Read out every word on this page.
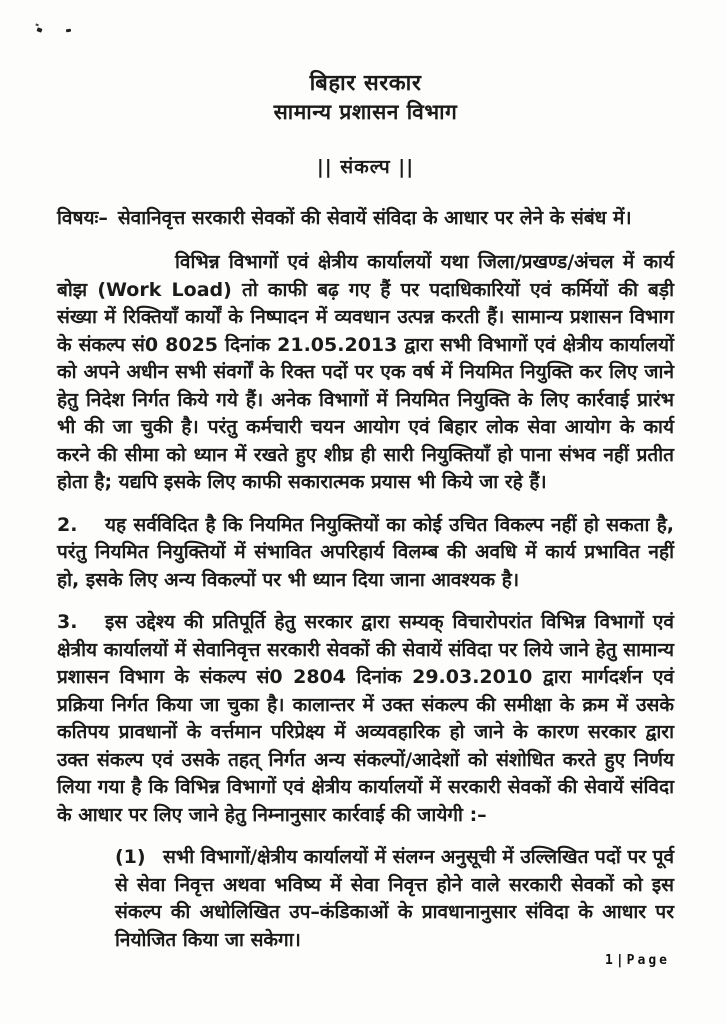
बिहार सरकार
सामान्य प्रशासन विभाग
|| संकल्प ||
विषयः– सेवानिवृत्त सरकारी सेवकों की सेवायें संविदा के आधार पर लेने के संबंध में।

विभिन्न विभागों एवं क्षेत्रीय कार्यालयों यथा जिला/प्रखण्ड/अंचल में कार्य बोझ (Work Load) तो काफी बढ़ गए हैं पर पदाधिकारियों एवं कर्मियों की बड़ी संख्या में रिक्तियाँ कार्यों के निष्पादन में व्यवधान उत्पन्न करती हैं। सामान्य प्रशासन विभाग के संकल्प सं0 8025 दिनांक 21.05.2013 द्वारा सभी विभागों एवं क्षेत्रीय कार्यालयों को अपने अधीन सभी संवर्गों के रिक्त पदों पर एक वर्ष में नियमित नियुक्ति कर लिए जाने हेतु निदेश निर्गत किये गये हैं। अनेक विभागों में नियमित नियुक्ति के लिए कार्रवाई प्रारंभ भी की जा चुकी है। परंतु कर्मचारी चयन आयोग एवं बिहार लोक सेवा आयोग के कार्य करने की सीमा को ध्यान में रखते हुए शीघ्र ही सारी नियुक्तियाँ हो पाना संभव नहीं प्रतीत होता है; यद्यपि इसके लिए काफी सकारात्मक प्रयास भी किये जा रहे हैं।

2. यह सर्वविदित है कि नियमित नियुक्तियों का कोई उचित विकल्प नहीं हो सकता है, परंतु नियमित नियुक्तियों में संभावित अपरिहार्य विलम्ब की अवधि में कार्य प्रभावित नहीं हो, इसके लिए अन्य विकल्पों पर भी ध्यान दिया जाना आवश्यक है।

3. इस उद्देश्य की प्रतिपूर्ति हेतु सरकार द्वारा सम्यक् विचारोपरांत विभिन्न विभागों एवं क्षेत्रीय कार्यालयों में सेवानिवृत्त सरकारी सेवकों की सेवायें संविदा पर लिये जाने हेतु सामान्य प्रशासन विभाग के संकल्प सं0 2804 दिनांक 29.03.2010 द्वारा मार्गदर्शन एवं प्रक्रिया निर्गत किया जा चुका है। कालान्तर में उक्त संकल्प की समीक्षा के क्रम में उसके कतिपय प्रावधानों के वर्त्तमान परिप्रेक्ष्य में अव्यवहारिक हो जाने के कारण सरकार द्वारा उक्त संकल्प एवं उसके तहत् निर्गत अन्य संकल्पों/आदेशों को संशोधित करते हुए निर्णय लिया गया है कि विभिन्न विभागों एवं क्षेत्रीय कार्यालयों में सरकारी सेवकों की सेवायें संविदा के आधार पर लिए जाने हेतु निम्नानुसार कार्रवाई की जायेगी :–

(1) सभी विभागों/क्षेत्रीय कार्यालयों में संलग्न अनुसूची में उल्लिखित पदों पर पूर्व से सेवा निवृत्त अथवा भविष्य में सेवा निवृत्त होने वाले सरकारी सेवकों को इस संकल्प की अधोलिखित उप–कंडिकाओं के प्रावधानानुसार संविदा के आधार पर नियोजित किया जा सकेगा।
1|Page
